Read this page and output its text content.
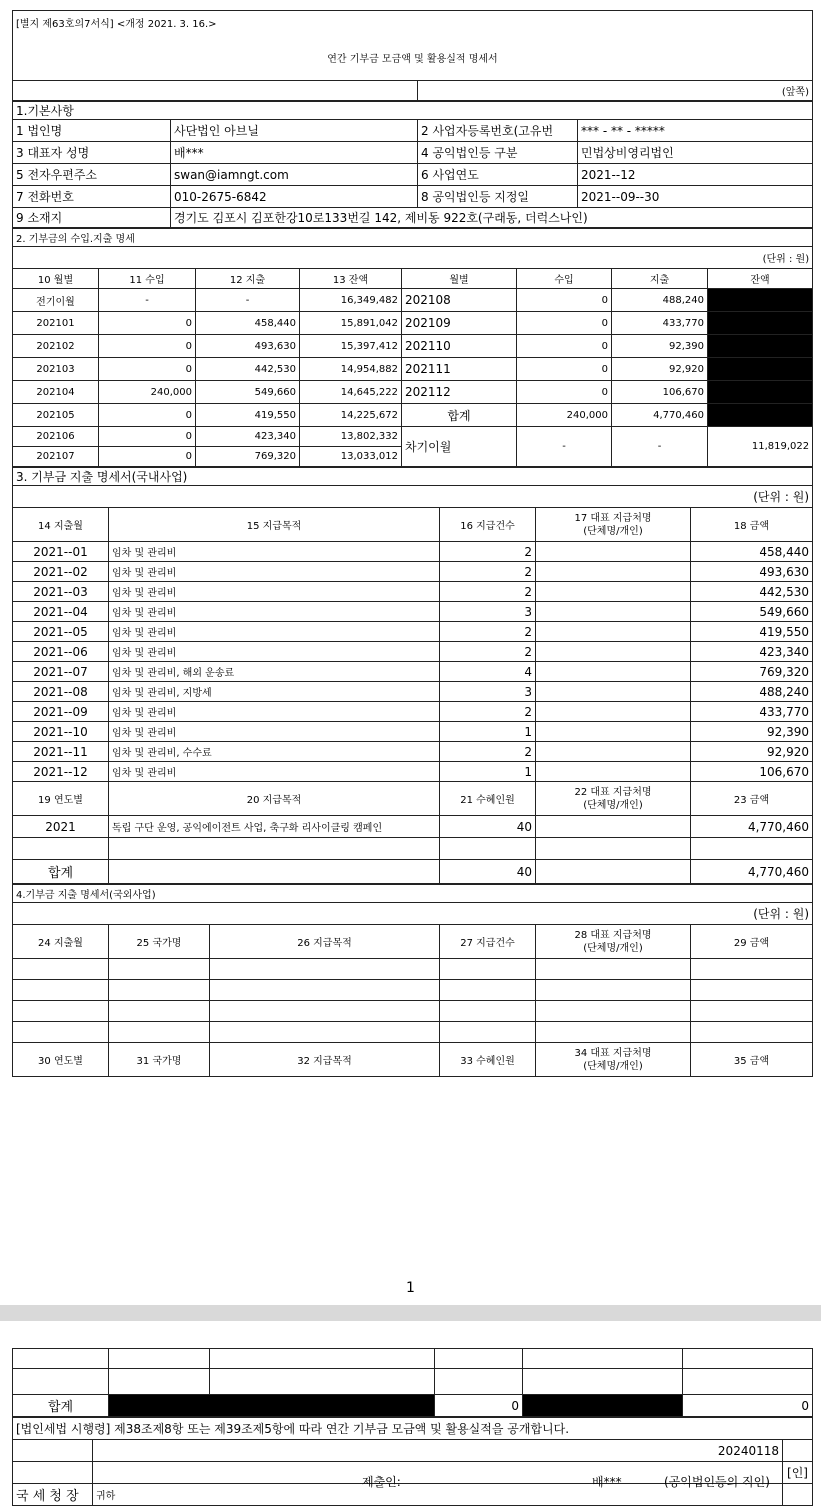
[별지 제63호의7서식] <개정 2021. 3. 16.>
연간 기부금 모금액 및 활용실적 명세서
	(앞쪽)
1.기본사항			
1 법인명	사단법인 아브닐	2 사업자등록번호(고유번	*** - ** - *****
3 대표자 성명	배***	4 공익법인등 구분	민법상비영리법인
5 전자우편주소	swan@iamngt.com	6 사업연도	2021--12
7 전화번호	010-2675-6842	8 공익법인등 지정일	2021--09--30
9 소재지	경기도 김포시 김포한강10로133번길 142, 제비동 922호(구래동, 더럭스나인)		
2. 기부금의 수입.지출 명세							
(단위 : 원)							
10 월별	11 수입	12 지출	13 잔액	월별	수입	지출	잔액
전기이월	-	-	16,349,482	202108	0	488,240	
202101	0	458,440	15,891,042	202109	0	433,770	
202102	0	493,630	15,397,412	202110	0	92,390	
202103	0	442,530	14,954,882	202111	0	92,920	
202104	240,000	549,660	14,645,222	202112	0	106,670	
202105	0	419,550	14,225,672	합계	240,000	4,770,460	
202106	0	423,340	13,802,332	차기이월	-	-	11,819,022
202107	0	769,320	13,033,012				
3. 기부금 지출 명세서(국내사업)				
(단위 : 원)				
14 지출월	15 지급목적	16 지급건수	17 대표 지급처명
(단체명/개인)	18 금액
2021--01	임차 및 관리비	2		458,440
2021--02	임차 및 관리비	2		493,630
2021--03	임차 및 관리비	2		442,530
2021--04	임차 및 관리비	3		549,660
2021--05	임차 및 관리비	2		419,550
2021--06	임차 및 관리비	2		423,340
2021--07	임차 및 관리비, 해외 운송료	4		769,320
2021--08	임차 및 관리비, 지방세	3		488,240
2021--09	임차 및 관리비	2		433,770
2021--10	임차 및 관리비	1		92,390
2021--11	임차 및 관리비, 수수료	2		92,920
2021--12	임차 및 관리비	1		106,670
19 연도별	20 지급목적	21 수혜인원	22 대표 지급처명
(단체명/개인)	23 금액
2021	독립 구단 운영, 공익에이전트 사업, 축구화 리사이클링 캠페인	40		4,770,460

합계		40		4,770,460
4.기부금 지출 명세서(국외사업)					
(단위 : 원)					
24 지출월	25 국가명	26 지급목적	27 지급건수	28 대표 지급처명
(단체명/개인)	29 금액

30 연도별	31 국가명	32 지급목적	33 수혜인원	34 대표 지급처명
(단체명/개인)	35 금액
1

합계			0		0
[법인세법 시행령] 제38조제8항 또는 제39조제5항에 따라 연간 기부금 모금액 및 활용실적을 공개합니다.		
	20240118	

	제출인: 배*** (공익법인등의 직인)	[인]
국 세 청 장	귀하	
